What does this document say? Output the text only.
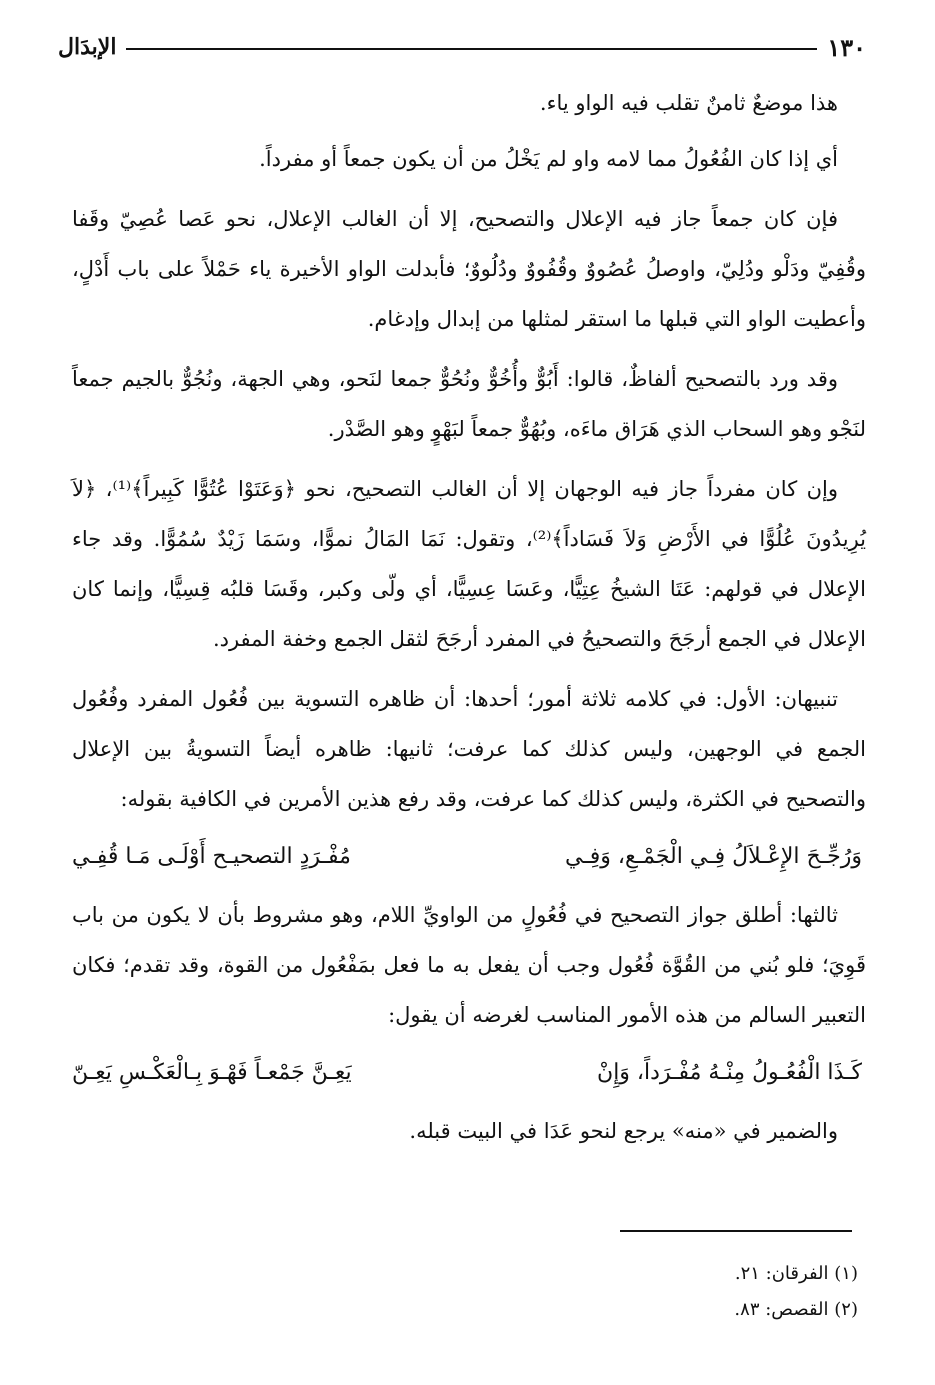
١٣٠
الإبدَال

هذا موضعٌ ثامنٌ تقلب فيه الواو ياء.

أي إذا كان الفُعُولُ مما لامه واو لم يَخْلُ من أن يكون جمعاً أو مفرداً.

فإن كان جمعاً جاز فيه الإعلال والتصحيح، إلا أن الغالب الإعلال، نحو عَصا عُصِيّ وقَفا وقُفِيّ ودَلْو ودُلِيّ، واوصلُ عُصُووٌ وقُفُووٌ ودُلُووٌ؛ فأبدلت الواو الأخيرة ياء حَمْلاً على باب أَدْلٍ، وأعطيت الواو التي قبلها ما استقر لمثلها من إبدال وإدغام.

وقد ورد بالتصحيح ألفاظٌ، قالوا: أَبُوٌّ وأُخُوٌّ ونُحُوٌّ جمعا لنَحو، وهي الجهة، ونُجُوٌّ بالجيم جمعاً لنَجْو وهو السحاب الذي هَرَاق ماءَه، وبُهُوٌّ جمعاً لبَهْوٍ وهو الصَّدْر.

وإن كان مفرداً جاز فيه الوجهان إلا أن الغالب التصحيح، نحو ﴿وَعَتَوْا عُتُوًّا كَبِيراً﴾⁽¹⁾، ﴿لاَ يُرِيدُونَ عُلُوًّا في الأَرْضِ وَلاَ فَسَاداً﴾⁽²⁾، وتقول: نَمَا المَالُ نموًّا، وسَمَا زَيْدٌ سُمُوًّا. وقد جاء الإعلال في قولهم: عَتَا الشيخُ عِتِيًّا، وعَسَا عِسِيًّا، أي ولّى وكبر، وقَسَا قلبُه قِسِيًّا، وإنما كان الإعلال في الجمع أرجَحَ والتصحيحُ في المفرد أرجَحَ لثقل الجمع وخفة المفرد.

تنبيهان: الأول: في كلامه ثلاثة أمور؛ أحدها: أن ظاهره التسوية بين فُعُول المفرد وفُعُول الجمع في الوجهين، وليس كذلك كما عرفت؛ ثانيها: ظاهره أيضاً التسويةُ بين الإعلال والتصحيح في الكثرة، وليس كذلك كما عرفت، وقد رفع هذين الأمرين في الكافية بقوله:

وَرُجِّـحَ الإِعْـلاَلُ فِـي الْجَمْـعِ، وَفِـي
مُفْـرَدٍ التصحيـح أَوْلَـى مَـا قُفِـي

ثالثها: أطلق جواز التصحيح في فُعُولٍ من الواويِّ اللام، وهو مشروط بأن لا يكون من باب قَوِيَ؛ فلو بُني من القُوَّة فُعُول وجب أن يفعل به ما فعل بمَفْعُول من القوة، وقد تقدم؛ فكان التعبير السالم من هذه الأمور المناسب لغرضه أن يقول:

كَـذَا الْفُعُـولُ مِنْـهُ مُفْـرَداً، وَإِنْ
يَعِـنَّ جَمْعـاً فَهْـوَ بِـالْعَكْـسِ يَعِـنّ

والضمير في «منه» يرجع لنحو عَدَا في البيت قبله.

(١) الفرقان: ٢١.
(٢) القصص: ٨٣.
